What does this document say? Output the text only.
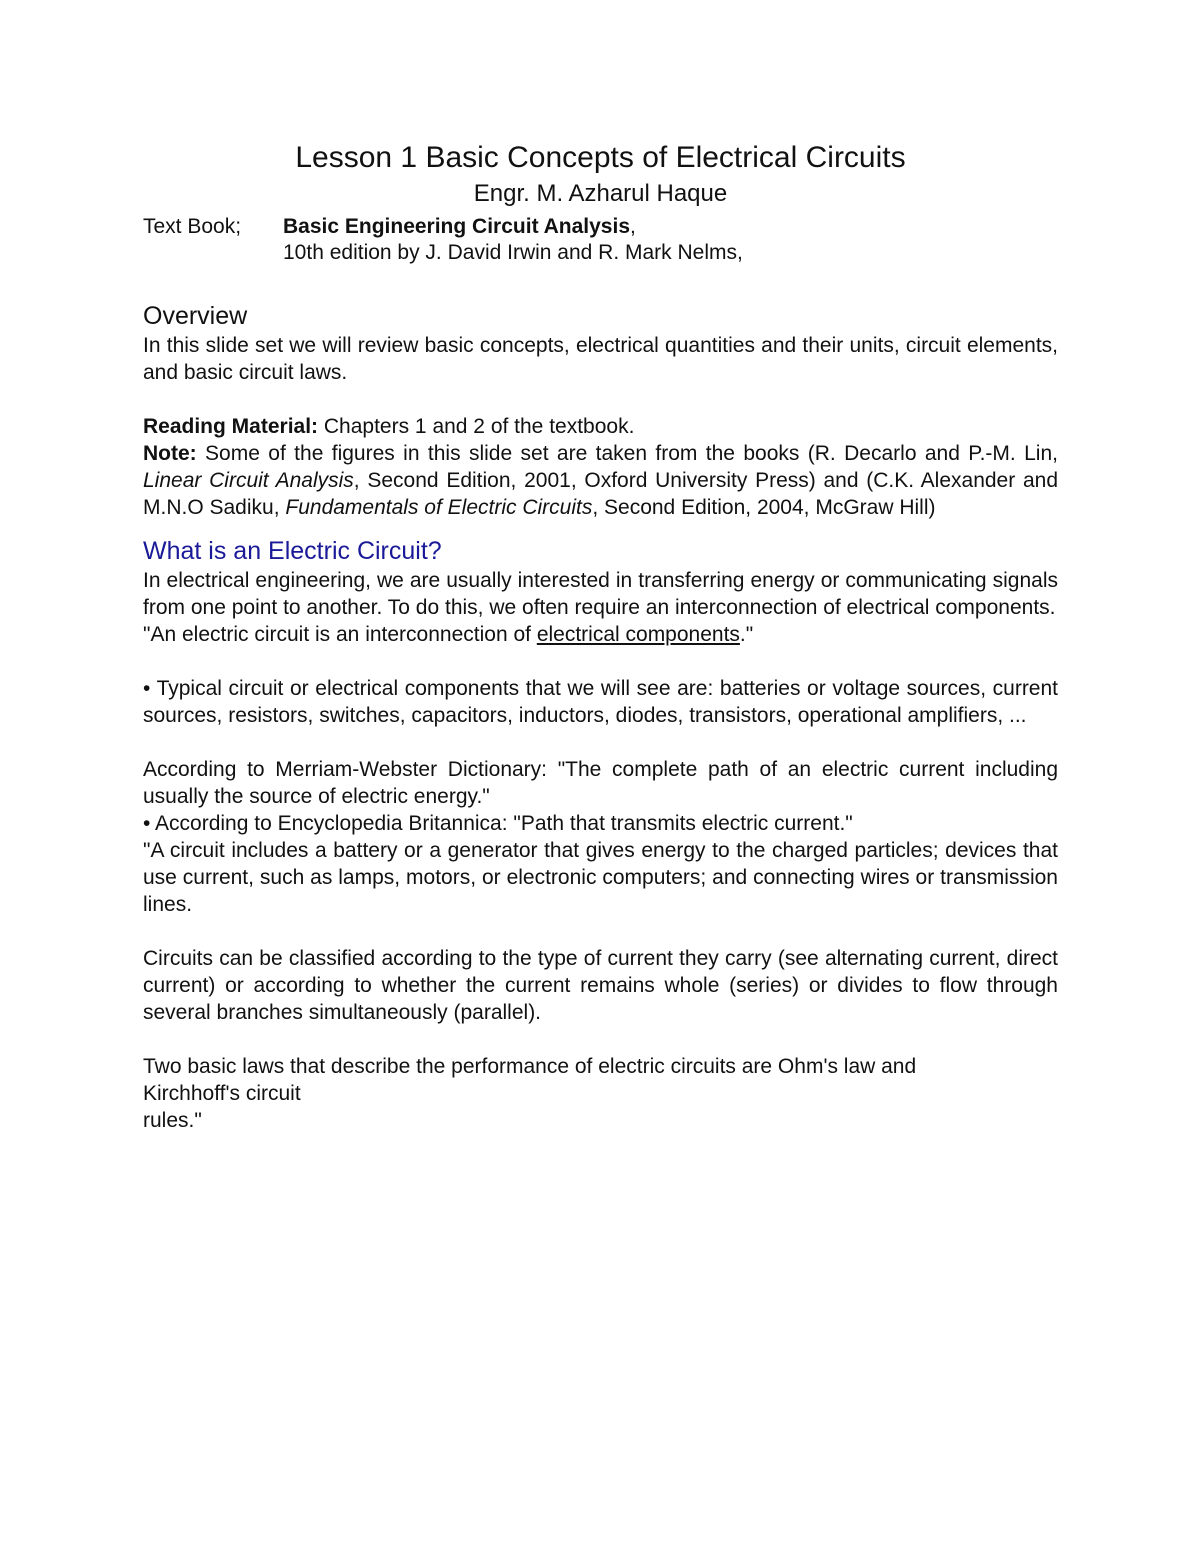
Lesson 1 Basic Concepts of Electrical Circuits
Engr. M. Azharul Haque
Text Book;	Basic Engineering Circuit Analysis,
10th edition by J. David Irwin and R. Mark Nelms,
Overview

In this slide set we will review basic concepts, electrical quantities and their units, circuit elements, and basic circuit laws.

Reading Material: Chapters 1 and 2 of the textbook.

Note: Some of the figures in this slide set are taken from the books (R. Decarlo and P.-M. Lin, Linear Circuit Analysis, Second Edition, 2001, Oxford University Press) and (C.K. Alexander and M.N.O Sadiku, Fundamentals of Electric Circuits, Second Edition, 2004, McGraw Hill)

What is an Electric Circuit?

In electrical engineering, we are usually interested in transferring energy or communicating signals from one point to another. To do this, we often require an interconnection of electrical components.

"An electric circuit is an interconnection of electrical components."

• Typical circuit or electrical components that we will see are: batteries or voltage sources, current sources, resistors, switches, capacitors, inductors, diodes, transistors, operational amplifiers, ...

According to Merriam-Webster Dictionary: "The complete path of an electric current including usually the source of electric energy."

• According to Encyclopedia Britannica: "Path that transmits electric current."

"A circuit includes a battery or a generator that gives energy to the charged particles; devices that use current, such as lamps, motors, or electronic computers; and connecting wires or transmission lines.

Circuits can be classified according to the type of current they carry (see alternating current, direct current) or according to whether the current remains whole (series) or divides to flow through several branches simultaneously (parallel).

Two basic laws that describe the performance of electric circuits are Ohm's law and

Kirchhoff's circuit

rules."
